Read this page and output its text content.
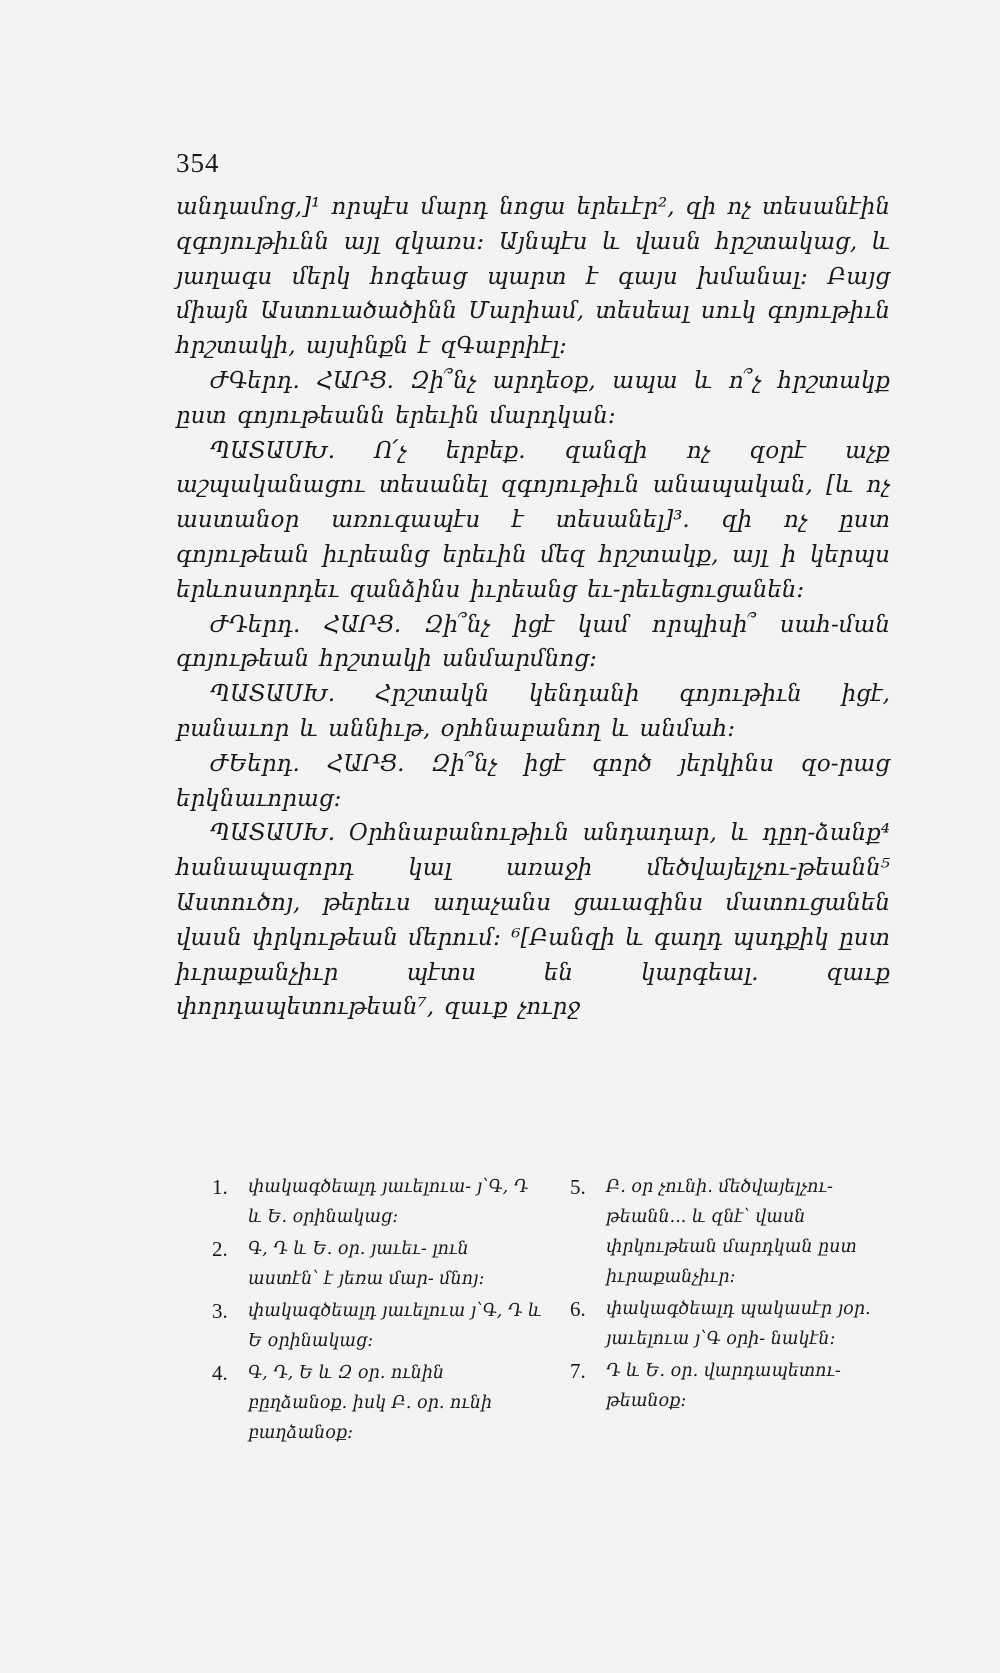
354

անդամոց,]¹ որպէս մարդ նոցա երեւէր², զի ոչ տեսանէին զգոյութիւնն այլ զկառս։ Այնպէս և վասն հրշտակաց, և յաղագս մերկ հոգեաց պարտ է գայս խմանալ։ Բայց միայն Աստուածածինն Մարիամ, տեսեալ սուկ գոյութիւն հրշտակի, այսինքն է զԳաբրիէլ։

ԺԳերդ. ՀԱՐՑ. Զի՞նչ արդեօք, ապա և ո՞չ հրշտակք ըստ գոյութեանն երեւին մարդկան։

ՊԱՏԱՍԽ. Ո՛չ երբեք. զանզի ոչ զօրէ աչք աշպականացու տեսանել զգոյութիւն անապական, [և ոչ աստանօր առուգապէս է տեսանել]³. զի ոչ ըստ գոյութեան իւրեանց երեւին մեզ հրշտակք, այլ ի կերպս երևոսսորդեւ զանձինս իւրեանց եւ-րեւեցուցանեն։

ԺԴերդ. ՀԱՐՑ. Զի՞նչ իցէ կամ որպիսի՞ սահ-ման գոյութեան հրշտակի անմարմնոց։

ՊԱՏԱՍԽ. Հրշտակն կենդանի գոյութիւն իցէ, բանաւոր և աննիւթ, օրհնաբանող և անմահ։

ԺԵերդ. ՀԱՐՑ. Զի՞նչ իցէ գործ յերկինս զօ-րաց երկնաւորաց։

ՊԱՏԱՍԽ. Օրհնաբանութիւն անդադար, և դըղ-ձանք⁴ հանապազորդ կալ առաջի մեծվայելչու-թեանն⁵ Աստուծոյ, թերեւս աղաչանս ցաւագինս մատուցանեն վասն փրկութեան մերում։ ⁶[Բանզի և գաղդ պսդքիկ ըստ իւրաքանչիւր պէտս են կարգեալ. զաւք փորդապետութեան⁷, զաւք չուրջ

1.	փակագծեալդ յաւելուա- յ՝Գ, Դ և Ե. օրինակաց։
2.	Գ, Դ և Ե. օր. յաւեւ- լուն աստէն՝ է յեռա մար- մնոյ։
3.	փակագծեալդ յաւելուա յ՝Գ, Դ և Ե օրինակաց։
4.	Գ, Դ, Ե և Զ օր. ունին բըղձանօք. իսկ Բ. օր. ունի բաղձանօք։
5.	Բ. օր չունի. մեծվայելչու- թեանն... և զնէ՝ վասն փրկութեան մարդկան ըստ իւրաքանչիւր։
6.	փակագծեալդ պակասէր յօր. յաւելուա յ՝Գ օրի- նակէն։
7.	Դ և Ե. օր. վարդապետու- թեանօք։
